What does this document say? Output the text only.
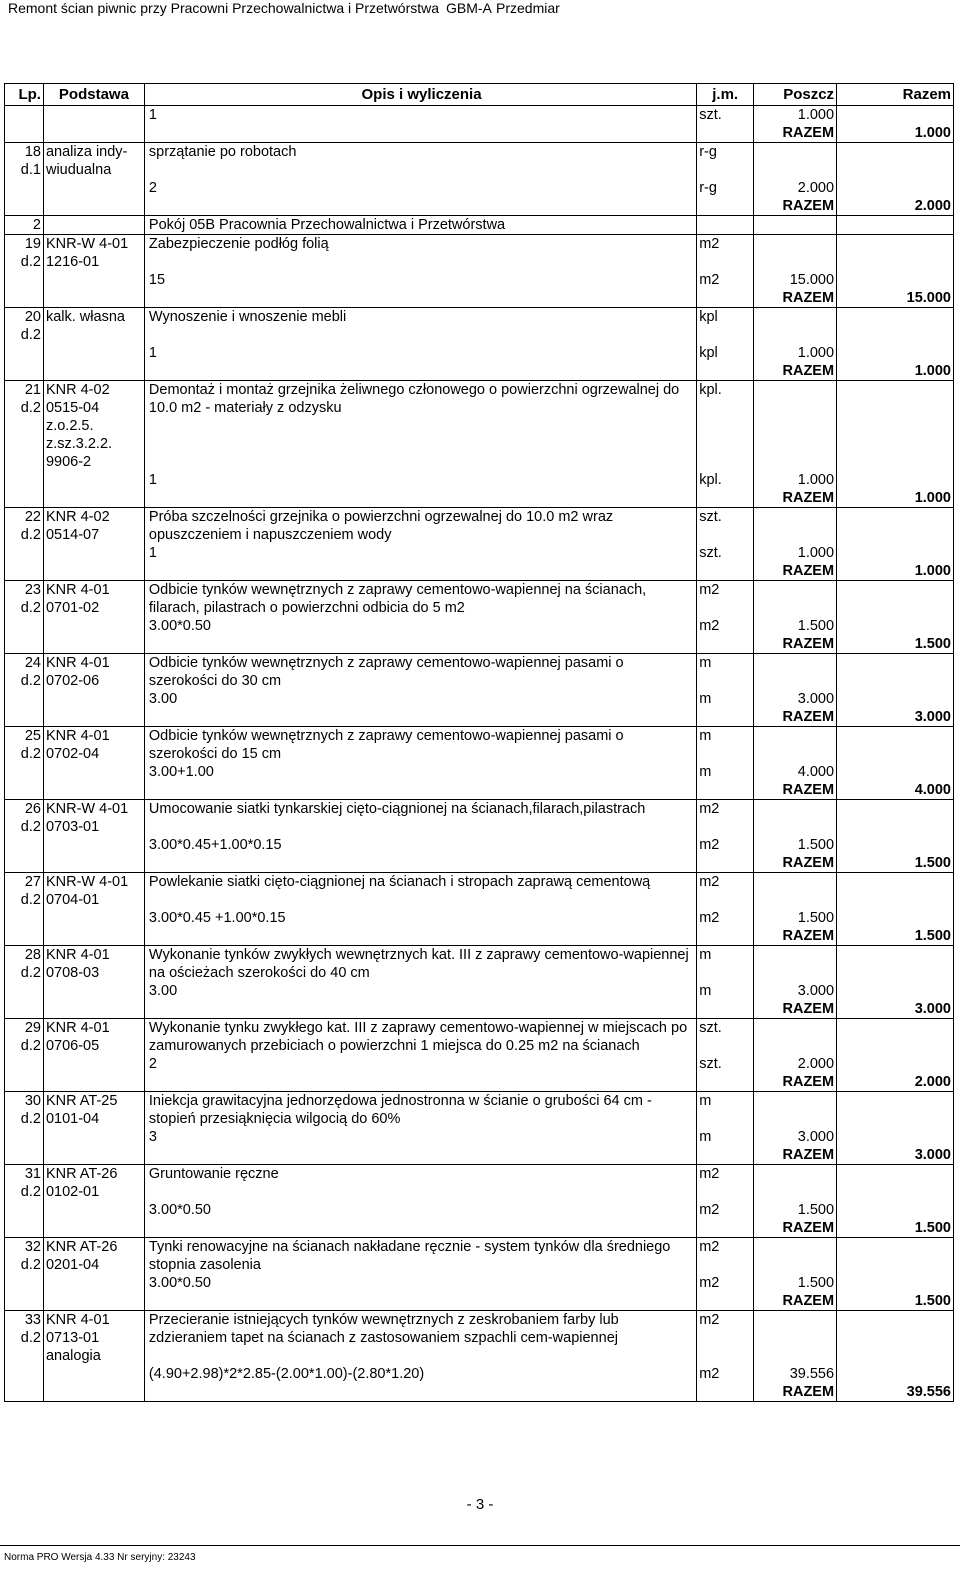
Remont ścian piwnic przy Pracowni Przechowalnictwa i Przetwórstwa GBM-A Przedmiar
Lp.	Podstawa	Opis i wyliczenia	j.m.	Poszcz	Razem
		1	szt.	1.000	
				RAZEM	1.000

18
d.1	analiza indy-wiudualna	sprzątanie po robotach	r-g		
		2	r-g	2.000	
				RAZEM	2.000
2		Pokój 05B Pracownia Przechowalnictwa i Przetwórstwa			

19
d.2	KNR-W 4-01 1216-01	Zabezpieczenie podłóg folią	m2		
		15	m2	15.000	
				RAZEM	15.000

20
d.2	kalk. własna	Wynoszenie i wnoszenie mebli	kpl		
		1	kpl	1.000	
				RAZEM	1.000

21
d.2	KNR 4-02 0515-04 z.o.2.5. z.sz.3.2.2. 9906-2	Demontaż i montaż grzejnika żeliwnego członowego o powierzchni ogrzewalnej do 10.0 m2 - materiały z odzysku	kpl.		
		1	kpl.	1.000	
				RAZEM	1.000

22
d.2	KNR 4-02 0514-07	Próba szczelności grzejnika o powierzchni ogrzewalnej do 10.0 m2 wraz opuszczeniem i napuszczeniem wody	szt.		
		1	szt.	1.000	
				RAZEM	1.000

23
d.2	KNR 4-01 0701-02	Odbicie tynków wewnętrznych z zaprawy cementowo-wapiennej na ścianach, filarach, pilastrach o powierzchni odbicia do 5 m2	m2		
		3.00*0.50	m2	1.500	
				RAZEM	1.500

24
d.2	KNR 4-01 0702-06	Odbicie tynków wewnętrznych z zaprawy cementowo-wapiennej pasami o szerokości do 30 cm	m		
		3.00	m	3.000	
				RAZEM	3.000

25
d.2	KNR 4-01 0702-04	Odbicie tynków wewnętrznych z zaprawy cementowo-wapiennej pasami o szerokości do 15 cm	m		
		3.00+1.00	m	4.000	
				RAZEM	4.000

26
d.2	KNR-W 4-01 0703-01	Umocowanie siatki tynkarskiej cięto-ciągnionej na ścianach,filarach,pilastrach	m2		
		3.00*0.45+1.00*0.15	m2	1.500	
				RAZEM	1.500

27
d.2	KNR-W 4-01 0704-01	Powlekanie siatki cięto-ciągnionej na ścianach i stropach zaprawą cementową	m2		
		3.00*0.45 +1.00*0.15	m2	1.500	
				RAZEM	1.500

28
d.2	KNR 4-01 0708-03	Wykonanie tynków zwykłych wewnętrznych kat. III z zaprawy cementowo-wapiennej na ościeżach szerokości do 40 cm	m		
		3.00	m	3.000	
				RAZEM	3.000

29
d.2	KNR 4-01 0706-05	Wykonanie tynku zwykłego kat. III z zaprawy cementowo-wapiennej w miejscach po zamurowanych przebiciach o powierzchni 1 miejsca do 0.25 m2 na ścianach	szt.		
		2	szt.	2.000	
				RAZEM	2.000

30
d.2	KNR AT-25 0101-04	Iniekcja grawitacyjna jednorzędowa jednostronna w ścianie o grubości 64 cm - stopień przesiąknięcia wilgocią do 60%	m		
		3	m	3.000	
				RAZEM	3.000

31
d.2	KNR AT-26 0102-01	Gruntowanie ręczne	m2		
		3.00*0.50	m2	1.500	
				RAZEM	1.500

32
d.2	KNR AT-26 0201-04	Tynki renowacyjne na ścianach nakładane ręcznie - system tynków dla średniego stopnia zasolenia	m2		
		3.00*0.50	m2	1.500	
				RAZEM	1.500

33
d.2	KNR 4-01 0713-01 analogia	Przecieranie istniejących tynków wewnętrznych z zeskrobaniem farby lub zdzieraniem tapet na ścianach z zastosowaniem szpachli cem-wapiennej	m2		
		(4.90+2.98)*2*2.85-(2.00*1.00)-(2.80*1.20)	m2	39.556	
				RAZEM	39.556
- 3 -
Norma PRO Wersja 4.33 Nr seryjny: 23243
